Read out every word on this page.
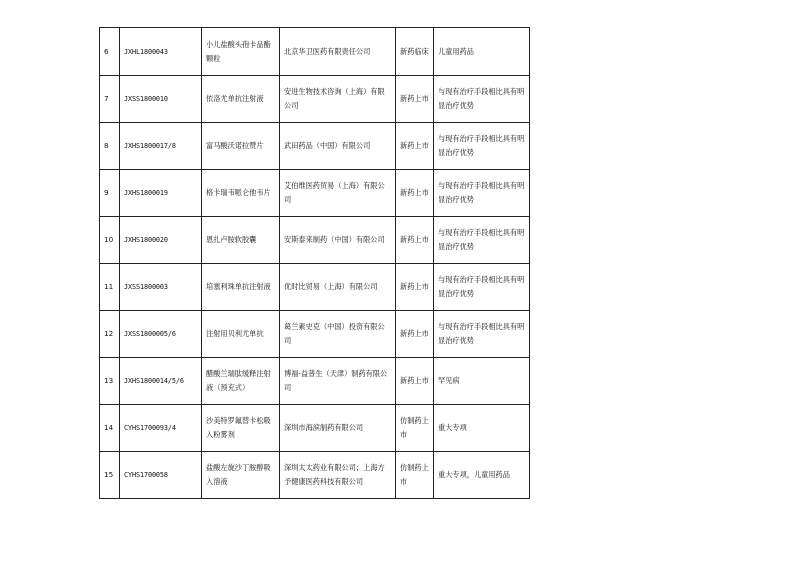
6	JXHL1800043	小儿盐酸头孢卡品酯颗粒	北京华卫医药有限责任公司	新药临床	儿童用药品
7	JXSS1800010	依洛尤单抗注射液	安进生物技术咨询（上海）有限公司	新药上市	与现有治疗手段相比具有明显治疗优势
8	JXHS1800017/8	富马酸沃诺拉赞片	武田药品（中国）有限公司	新药上市	与现有治疗手段相比具有明显治疗优势
9	JXHS1800019	格卡瑞韦哌仑他韦片	艾伯维医药贸易（上海）有限公司	新药上市	与现有治疗手段相比具有明显治疗优势
10	JXHS1800020	恩扎卢胺软胶囊	安斯泰来制药（中国）有限公司	新药上市	与现有治疗手段相比具有明显治疗优势
11	JXSS1800003	培塞利珠单抗注射液	优时比贸易（上海）有限公司	新药上市	与现有治疗手段相比具有明显治疗优势
12	JXSS1800005/6	注射用贝利尤单抗	葛兰素史克（中国）投资有限公司	新药上市	与现有治疗手段相比具有明显治疗优势
13	JXHS1800014/5/6	醋酸兰瑞肽缓释注射液（预充式）	博福-益普生（天津）制药有限公司	新药上市	罕见病
14	CYHS1700093/4	沙美特罗氟替卡松吸入粉雾剂	深圳市海滨制药有限公司	仿制药上市	重大专项
15	CYHS1700058	盐酸左旋沙丁胺醇吸入溶液	深圳太太药业有限公司；上海方予健康医药科技有限公司	仿制药上市	重大专项，儿童用药品
